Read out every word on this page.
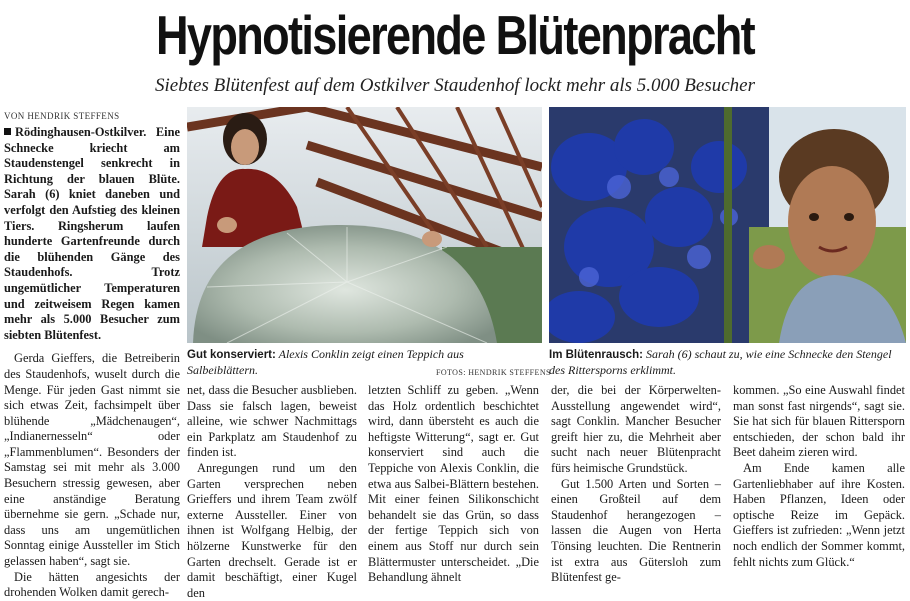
Hypnotisierende Blütenpracht
Siebtes Blütenfest auf dem Ostkilver Staudenhof lockt mehr als 5.000 Besucher
VON HENDRIK STEFFENS

Rödinghausen-Ostkilver. Eine Schnecke kriecht am Staudenstengel senkrecht in Richtung der blauen Blüte. Sarah (6) kniet daneben und verfolgt den Aufstieg des kleinen Tiers. Ringsherum laufen hunderte Gartenfreunde durch die blühenden Gänge des Staudenhofs. Trotz ungemütlicher Temperaturen und zeitweisem Regen kamen mehr als 5.000 Besucher zum siebten Blütenfest.

Gerda Gieffers, die Betreiberin des Staudenhofs, wuselt durch die Menge. Für jeden Gast nimmt sie sich etwas Zeit, fachsimpelt über blühende „Mädchenaugen“, „Indianernesseln“ oder „Flammenblumen“. Besonders der Samstag sei mit mehr als 3.000 Besuchern stressig gewesen, aber eine anständige Beratung übernehme sie gern. „Schade nur, dass uns am ungemütlichen Sonntag einige Aussteller im Stich gelassen haben“, sagt sie.

Die hätten angesichts der drohenden Wolken damit gerech-

Gut konserviert: Alexis Conklin zeigt einen Teppich aus Salbeiblättern.	FOTOS: HENDRIK STEFFENS
Im Blütenrausch: Sarah (6) schaut zu, wie eine Schnecke den Stengel des Rittersporns erklimmt.

net, dass die Besucher ausblieben. Dass sie falsch lagen, beweist alleine, wie schwer Nachmittags ein Parkplatz am Staudenhof zu finden ist.

Anregungen rund um den Garten versprechen neben Grieffers und ihrem Team zwölf externe Aussteller. Einer von ihnen ist Wolfgang Helbig, der hölzerne Kunstwerke für den Garten drechselt. Gerade ist er damit beschäftigt, einer Kugel den

letzten Schliff zu geben. „Wenn das Holz ordentlich beschichtet wird, dann übersteht es auch die heftigste Witterung“, sagt er. Gut konserviert sind auch die Teppiche von Alexis Conklin, die etwa aus Salbei-Blättern bestehen. Mit einer feinen Silikonschicht behandelt sie das Grün, so dass der fertige Teppich sich von einem aus Stoff nur durch sein Blättermuster unterscheidet. „Die Behandlung ähnelt

der, die bei der Körperwelten-Ausstellung angewendet wird“, sagt Conklin. Mancher Besucher greift hier zu, die Mehrheit aber sucht nach neuer Blütenpracht fürs heimische Grundstück.

Gut 1.500 Arten und Sorten – einen Großteil auf dem Staudenhof herangezogen – lassen die Augen von Herta Tönsing leuchten. Die Rentnerin ist extra aus Gütersloh zum Blütenfest ge-

kommen. „So eine Auswahl findet man sonst fast nirgends“, sagt sie. Sie hat sich für blauen Rittersporn entschieden, der schon bald ihr Beet daheim zieren wird.

Am Ende kamen alle Gartenliebhaber auf ihre Kosten. Haben Pflanzen, Ideen oder optische Reize im Gepäck. Gieffers ist zufrieden: „Wenn jetzt noch endlich der Sommer kommt, fehlt nichts zum Glück.“
